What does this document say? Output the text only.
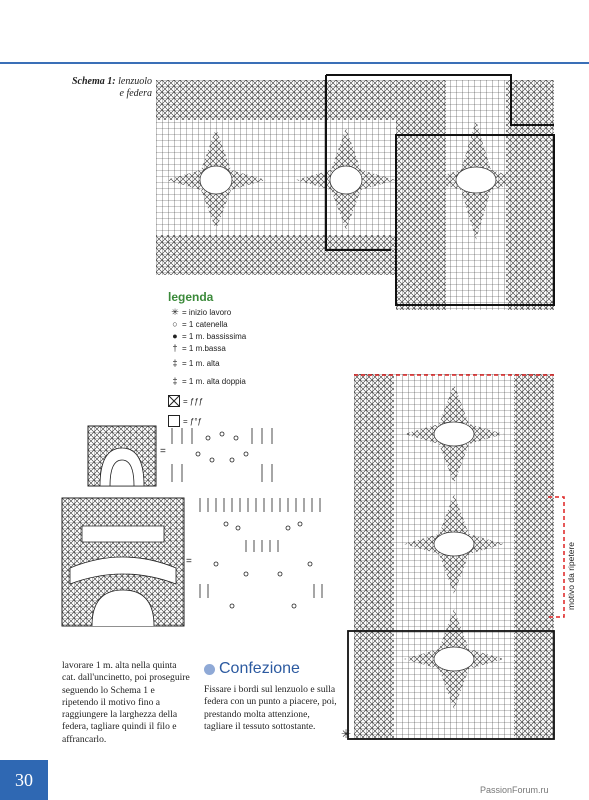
Schema 1: lenzuolo
e federa
motivo da ripetere
✳
legenda
✳ = inizio lavoro
○ = 1 catenella
● = 1 m. bassissima
† = 1 m.bassa
‡ = 1 m. alta
‡ = 1 m. alta doppia
= ƒƒƒ
= ƒ°ƒ
=
=
lavorare 1 m. alta nella quinta cat. dall'uncinetto, poi proseguire seguendo lo Schema 1 e ripetendo il motivo fino a raggiungere la larghezza della federa, tagliare quindi il filo e affrancarlo.
Confezione
Fissare i bordi sul lenzuolo e sulla federa con un punto a piacere, poi, prestando molta attenzione, tagliare il tessuto sottostante.
30
PassionForum.ru
